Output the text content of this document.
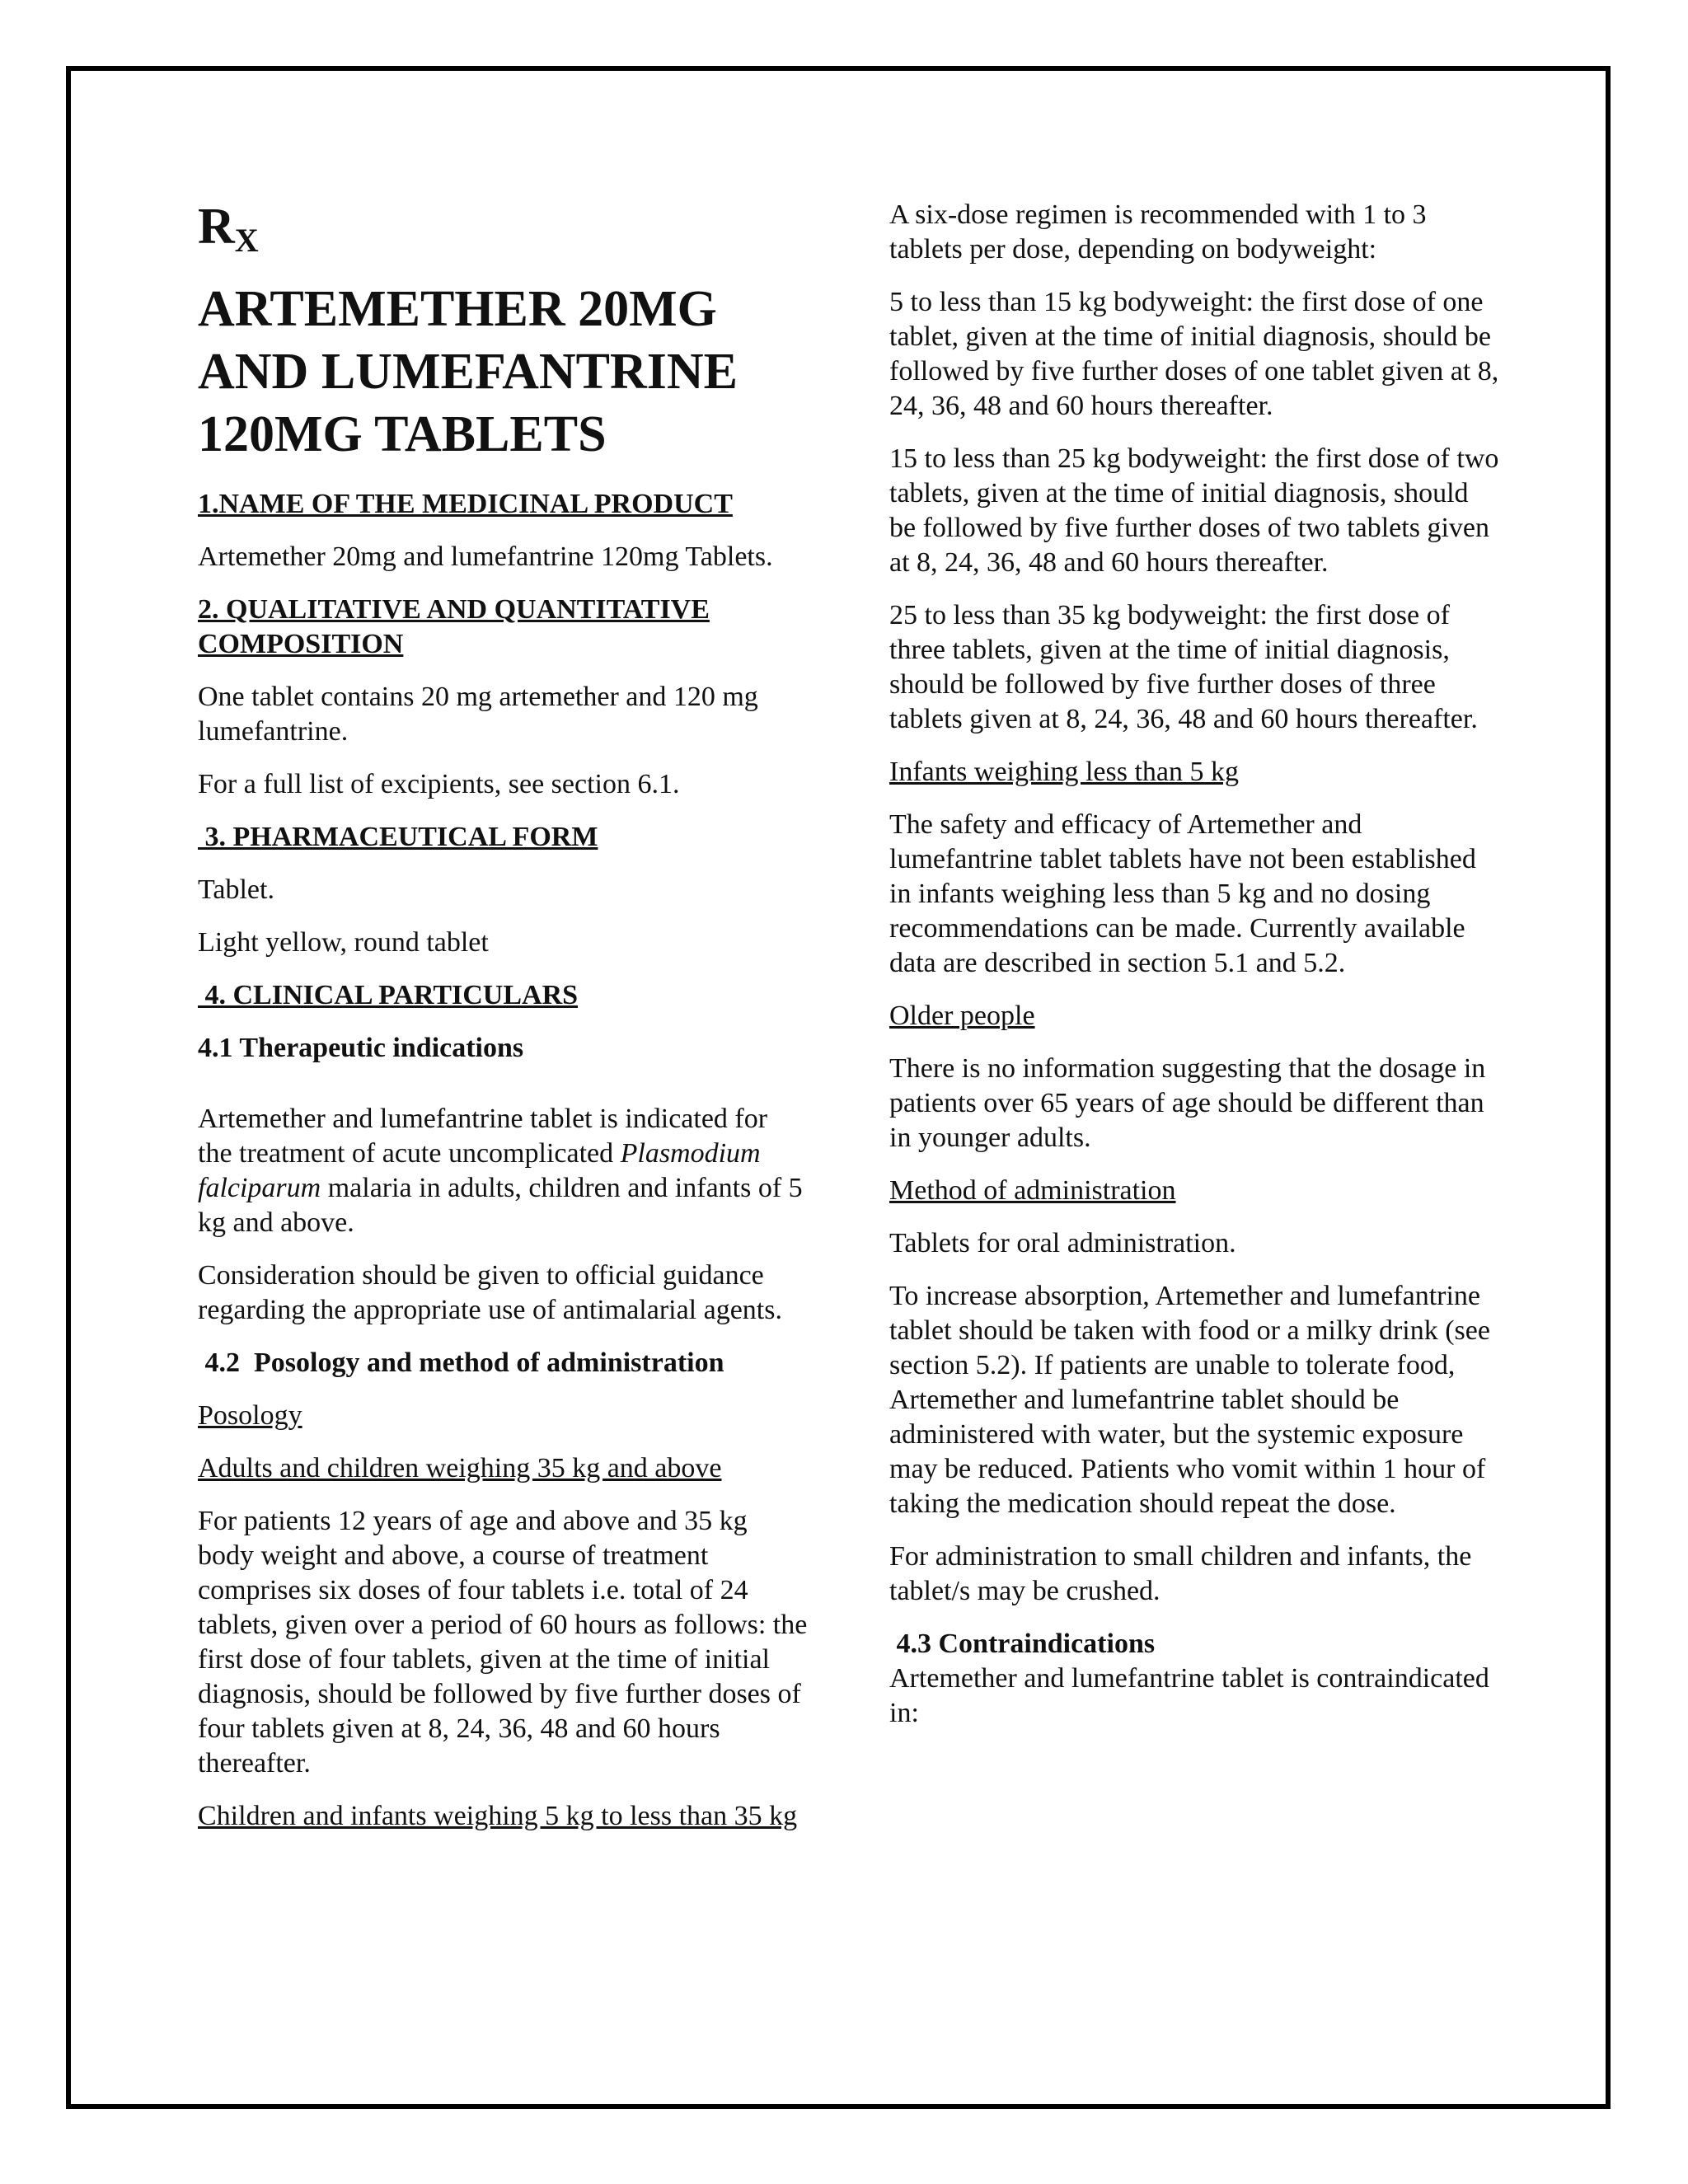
$R_X$
ARTEMETHER 20MG
AND LUMEFANTRINE
120MG TABLETS
1.NAME OF THE MEDICINAL PRODUCT

Artemether 20mg and lumefantrine 120mg Tablets.

2. QUALITATIVE AND QUANTITATIVE COMPOSITION

One tablet contains 20 mg artemether and 120 mg lumefantrine.

For a full list of excipients, see section 6.1.

3. PHARMACEUTICAL FORM

Tablet.

Light yellow, round tablet

4. CLINICAL PARTICULARS
4.1 Therapeutic indications

Artemether and lumefantrine tablet is indicated for the treatment of acute uncomplicated Plasmodium falciparum malaria in adults, children and infants of 5 kg and above.

Consideration should be given to official guidance regarding the appropriate use of antimalarial agents.

4.2  Posology and method of administration
Posology
Adults and children weighing 35 kg and above

For patients 12 years of age and above and 35 kg body weight and above, a course of treatment comprises six doses of four tablets i.e. total of 24 tablets, given over a period of 60 hours as follows: the first dose of four tablets, given at the time of initial diagnosis, should be followed by five further doses of four tablets given at 8, 24, 36, 48 and 60 hours thereafter.

Children and infants weighing 5 kg to less than 35 kg

A six-dose regimen is recommended with 1 to 3 tablets per dose, depending on bodyweight:

5 to less than 15 kg bodyweight: the first dose of one tablet, given at the time of initial diagnosis, should be followed by five further doses of one tablet given at 8, 24, 36, 48 and 60 hours thereafter.

15 to less than 25 kg bodyweight: the first dose of two tablets, given at the time of initial diagnosis, should be followed by five further doses of two tablets given at 8, 24, 36, 48 and 60 hours thereafter.

25 to less than 35 kg bodyweight: the first dose of three tablets, given at the time of initial diagnosis, should be followed by five further doses of three tablets given at 8, 24, 36, 48 and 60 hours thereafter.

Infants weighing less than 5 kg

The safety and efficacy of Artemether and lumefantrine tablet tablets have not been established in infants weighing less than 5 kg and no dosing recommendations can be made. Currently available data are described in section 5.1 and 5.2.

Older people

There is no information suggesting that the dosage in patients over 65 years of age should be different than in younger adults.

Method of administration

Tablets for oral administration.

To increase absorption, Artemether and lumefantrine tablet should be taken with food or a milky drink (see section 5.2). If patients are unable to tolerate food, Artemether and lumefantrine tablet should be administered with water, but the systemic exposure may be reduced. Patients who vomit within 1 hour of taking the medication should repeat the dose.

For administration to small children and infants, the tablet/s may be crushed.

4.3 Contraindications

Artemether and lumefantrine tablet is contraindicated in:
